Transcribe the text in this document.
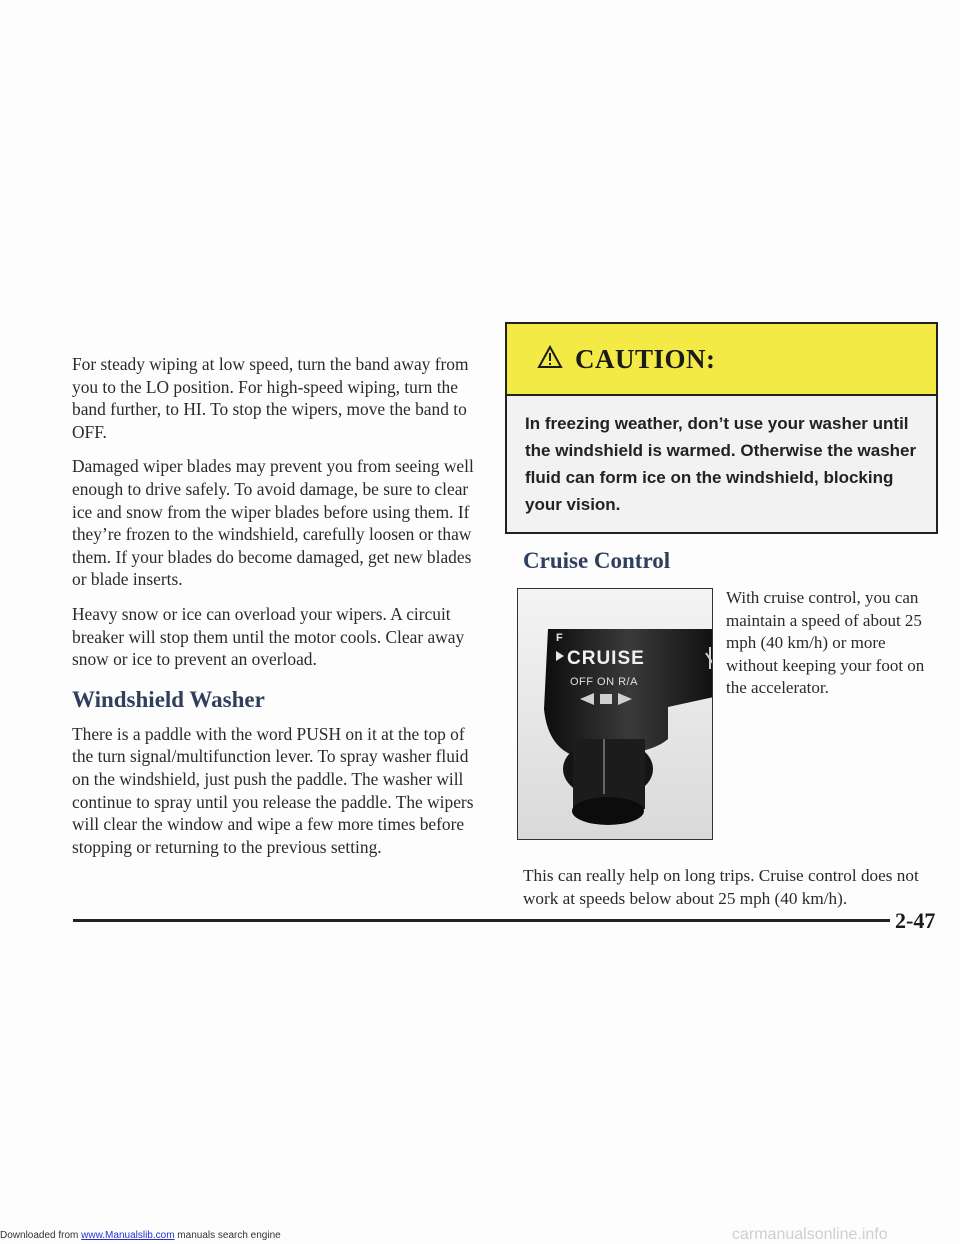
For steady wiping at low speed, turn the band away from you to the LO position. For high-speed wiping, turn the band further, to HI. To stop the wipers, move the band to OFF.

Damaged wiper blades may prevent you from seeing well enough to drive safely. To avoid damage, be sure to clear ice and snow from the wiper blades before using them. If they’re frozen to the windshield, carefully loosen or thaw them. If your blades do become damaged, get new blades or blade inserts.

Heavy snow or ice can overload your wipers. A circuit breaker will stop them until the motor cools. Clear away snow or ice to prevent an overload.

Windshield Washer

There is a paddle with the word PUSH on it at the top of the turn signal/multifunction lever. To spray washer fluid on the windshield, just push the paddle. The washer will continue to spray until you release the paddle. The wipers will clear the window and wipe a few more times before stopping or returning to the previous setting.

CAUTION:
In freezing weather, don’t use your washer until the windshield is warmed. Otherwise the washer fluid can form ice on the windshield, blocking your vision.
Cruise Control
F
CRUISE
OFF ON R/A

With cruise control, you can maintain a speed of about 25 mph (40 km/h) or more without keeping your foot on the accelerator.

This can really help on long trips. Cruise control does not work at speeds below about 25 mph (40 km/h).

2-47
Downloaded from www.Manualslib.com manuals search engine	carmanualsonline.info
